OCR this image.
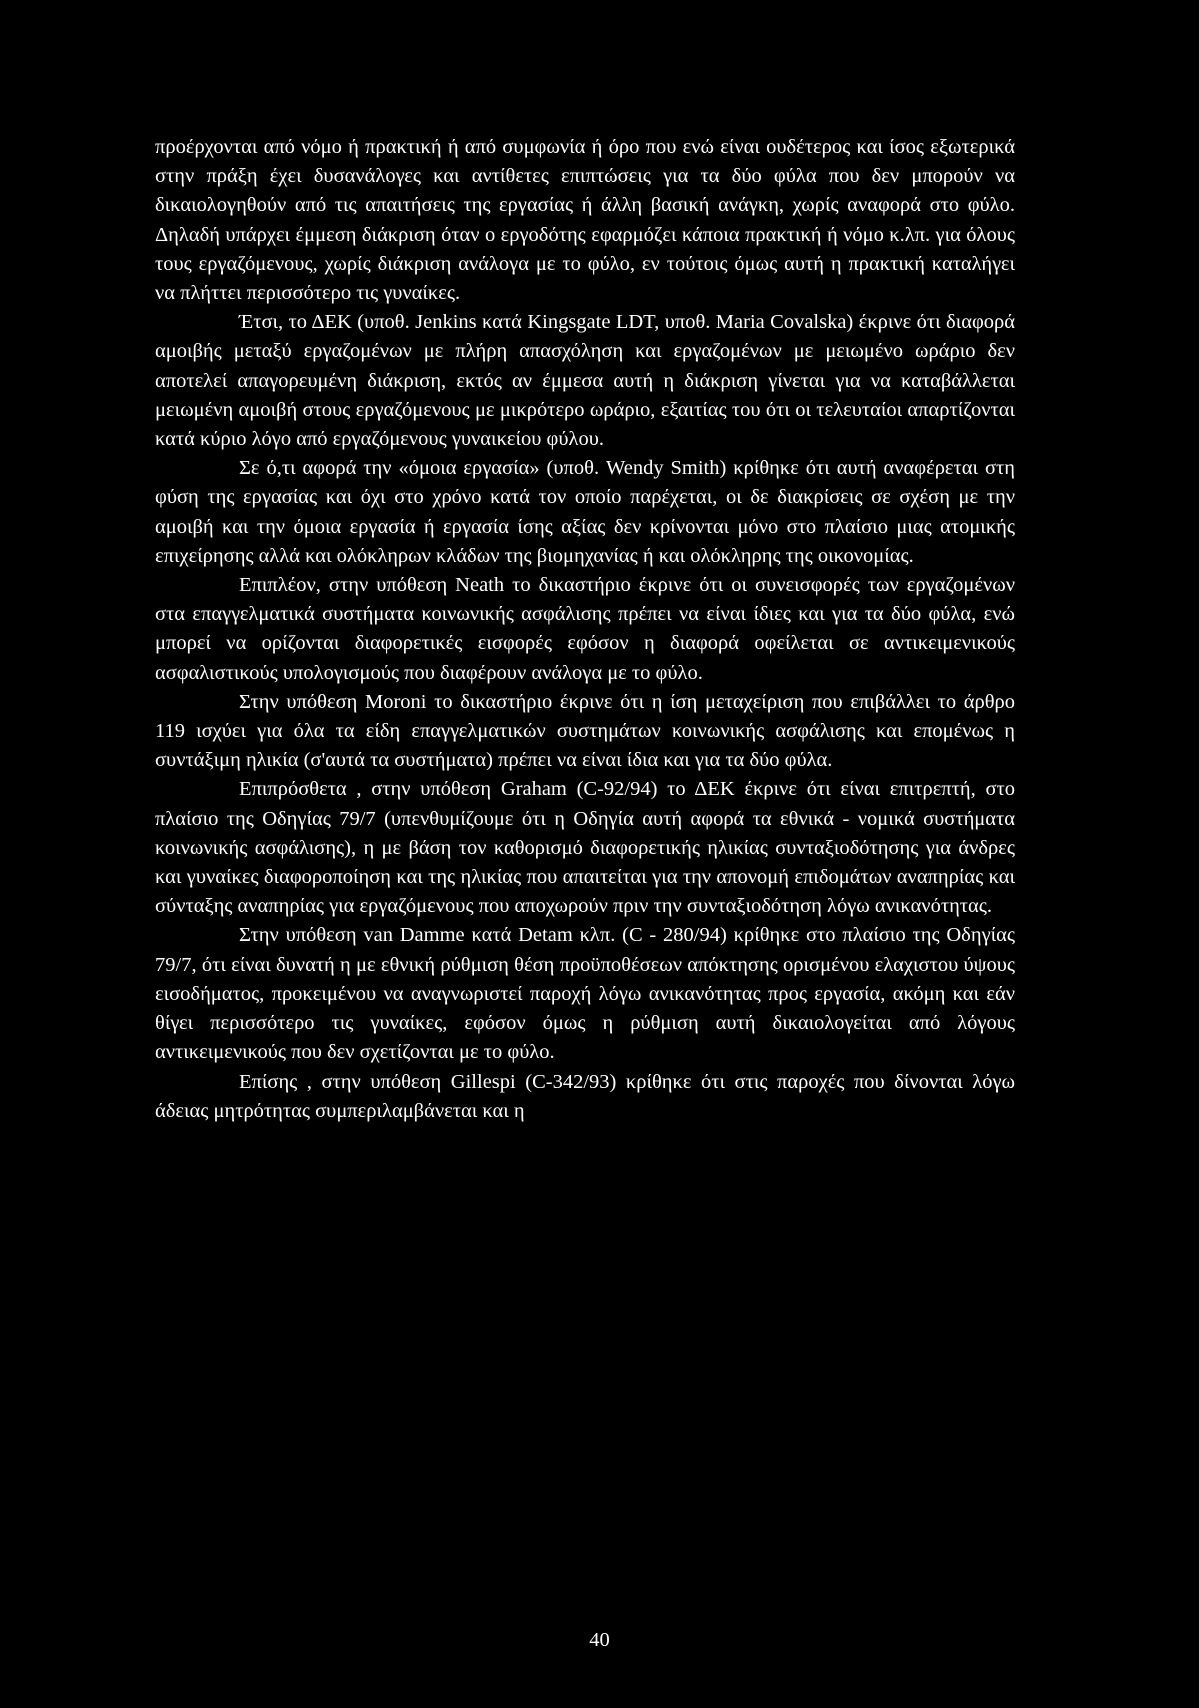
προέρχονται από νόμο ή πρακτική ή από συμφωνία ή όρο που ενώ είναι ουδέτερος και ίσος εξωτερικά στην πράξη έχει δυσανάλογες και αντίθετες επιπτώσεις για τα δύο φύλα που δεν μπορούν να δικαιολογηθούν από τις απαιτήσεις της εργασίας ή άλλη βασική ανάγκη, χωρίς αναφορά στο φύλο. Δηλαδή υπάρχει έμμεση διάκριση όταν ο εργοδότης εφαρμόζει κάποια πρακτική ή νόμο κ.λπ. για όλους τους εργαζόμενους, χωρίς διάκριση ανάλογα με το φύλο, εν τούτοις όμως αυτή η πρακτική καταλήγει να πλήττει περισσότερο τις γυναίκες.

Έτσι, το ΔΕΚ (υποθ. Jenkins κατά Kingsgate LDT, υποθ. Maria Covalska) έκρινε ότι διαφορά αμοιβής μεταξύ εργαζομένων με πλήρη απασχόληση και εργαζομένων με μειωμένο ωράριο δεν αποτελεί απαγορευμένη διάκριση, εκτός αν έμμεσα αυτή η διάκριση γίνεται για να καταβάλλεται μειωμένη αμοιβή στους εργαζόμενους με μικρότερο ωράριο, εξαιτίας του ότι οι τελευταίοι απαρτίζονται κατά κύριο λόγο από εργαζόμενους γυναικείου φύλου.

Σε ό,τι αφορά την «όμοια εργασία» (υποθ. Wendy Smith) κρίθηκε ότι αυτή αναφέρεται στη φύση της εργασίας και όχι στο χρόνο κατά τον οποίο παρέχεται, οι δε διακρίσεις σε σχέση με την αμοιβή και την όμοια εργασία ή εργασία ίσης αξίας δεν κρίνονται μόνο στο πλαίσιο μιας ατομικής επιχείρησης αλλά και ολόκληρων κλάδων της βιομηχανίας ή και ολόκληρης της οικονομίας.

Επιπλέον, στην υπόθεση Neath το δικαστήριο έκρινε ότι οι συνεισφορές των εργαζομένων στα επαγγελματικά συστήματα κοινωνικής ασφάλισης πρέπει να είναι ίδιες και για τα δύο φύλα, ενώ μπορεί να ορίζονται διαφορετικές εισφορές εφόσον η διαφορά οφείλεται σε αντικειμενικούς ασφαλιστικούς υπολογισμούς που διαφέρουν ανάλογα με το φύλο.

Στην υπόθεση Moroni το δικαστήριο έκρινε ότι η ίση μεταχείριση που επιβάλλει το άρθρο 119 ισχύει για όλα τα είδη επαγγελματικών συστημάτων κοινωνικής ασφάλισης και επομένως η συντάξιμη ηλικία (σ'αυτά τα συστήματα) πρέπει να είναι ίδια και για τα δύο φύλα.

Επιπρόσθετα , στην υπόθεση Graham (C-92/94) το ΔΕΚ έκρινε ότι είναι επιτρεπτή, στο πλαίσιο της Οδηγίας 79/7 (υπενθυμίζουμε ότι η Οδηγία αυτή αφορά τα εθνικά - νομικά συστήματα κοινωνικής ασφάλισης), η με βάση τον καθορισμό διαφορετικής ηλικίας συνταξιοδότησης για άνδρες και γυναίκες διαφοροποίηση και της ηλικίας που απαιτείται για την απονομή επιδομάτων αναπηρίας και σύνταξης αναπηρίας για εργαζόμενους που αποχωρούν πριν την συνταξιοδότηση λόγω ανικανότητας.

Στην υπόθεση van Damme κατά Detam κλπ. (C - 280/94) κρίθηκε στο πλαίσιο της Οδηγίας 79/7, ότι είναι δυνατή η με εθνική ρύθμιση θέση προϋποθέσεων απόκτησης ορισμένου ελαχιστου ύψους εισοδήματος, προκειμένου να αναγνωριστεί παροχή λόγω ανικανότητας προς εργασία, ακόμη και εάν θίγει περισσότερο τις γυναίκες, εφόσον όμως η ρύθμιση αυτή δικαιολογείται από λόγους αντικειμενικούς που δεν σχετίζονται με το φύλο.

Επίσης , στην υπόθεση Gillespi (C-342/93) κρίθηκε ότι στις παροχές που δίνονται λόγω άδειας μητρότητας συμπεριλαμβάνεται και η

40
